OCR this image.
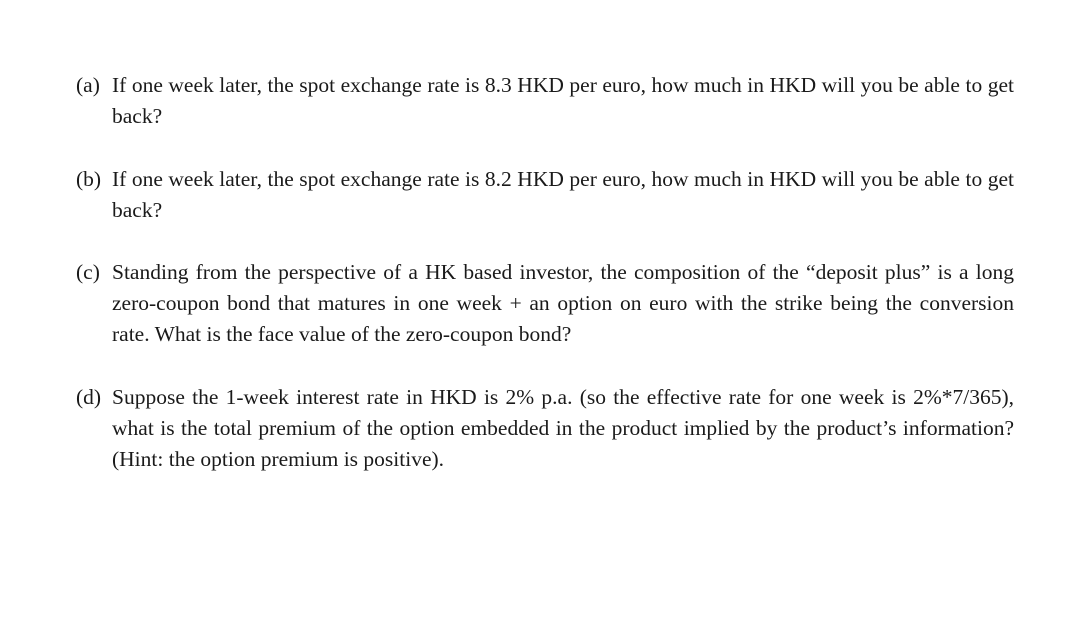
(a) If one week later, the spot exchange rate is 8.3 HKD per euro, how much in HKD will you be able to get back?
(b) If one week later, the spot exchange rate is 8.2 HKD per euro, how much in HKD will you be able to get back?
(c) Standing from the perspective of a HK based investor, the composition of the “deposit plus” is a long zero-coupon bond that matures in one week + an option on euro with the strike being the conversion rate. What is the face value of the zero-coupon bond?
(d) Suppose the 1-week interest rate in HKD is 2% p.a. (so the effective rate for one week is 2%*7/365), what is the total premium of the option embedded in the product implied by the product’s information? (Hint: the option premium is positive).
